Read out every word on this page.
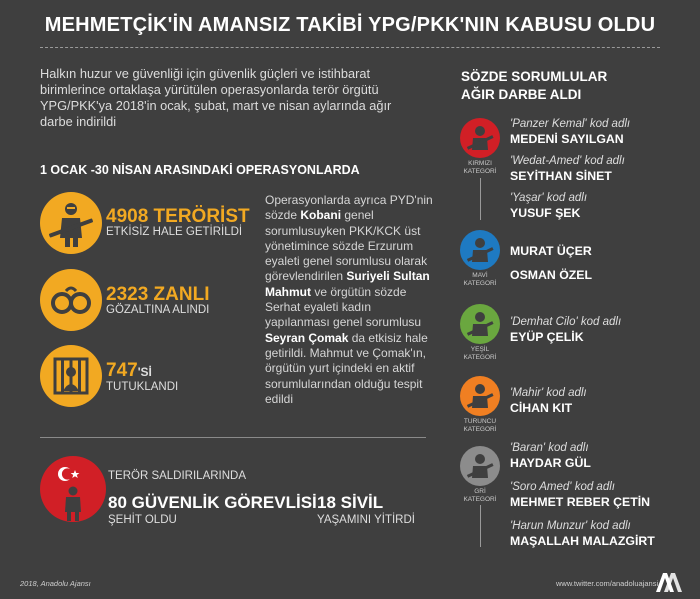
MEHMETÇİK'İN AMANSIZ TAKİBİ YPG/PKK'NIN KABUSU OLDU
Halkın huzur ve güvenliği için güvenlik güçleri ve istihbarat birimlerince ortaklaşa yürütülen operasyonlarda terör örgütü YPG/PKK'ya 2018'in ocak, şubat, mart ve nisan aylarında ağır darbe indirildi
1 OCAK -30 NİSAN ARASINDAKİ OPERASYONLARDA
4908 TERÖRİST
ETKİSİZ HALE GETİRİLDİ
2323 ZANLI
GÖZALTINA ALINDI
747'Sİ
TUTUKLANDI
Operasyonlarda ayrıca PYD'nin sözde Kobani genel sorumlusuyken PKK/KCK üst yönetimince sözde Erzurum eyaleti genel sorumlusu olarak görevlendirilen Suriyeli Sultan Mahmut ve örgütün sözde Serhat eyaleti kadın yapılanması genel sorumlusu Seyran Çomak da etkisiz hale getirildi. Mahmut ve Çomak'ın, örgütün yurt içindeki en aktif sorumlularından olduğu tespit edildi
TERÖR SALDIRILARINDA
80 GÜVENLİK GÖREVLİSİ
ŞEHİT OLDU
18 SİVİL
YAŞAMINI YİTİRDİ
SÖZDE SORUMLULAR
AĞIR DARBE ALDI
KIRMIZI
KATEGORİ
MAVİ
KATEGORİ
YEŞİL
KATEGORİ
TURUNCU
KATEGORİ
GRİ
KATEGORİ
'Panzer Kemal' kod adlı
MEDENİ SAYILGAN
'Wedat-Amed' kod adlı
SEYİTHAN SİNET
'Yaşar' kod adlı
YUSUF ŞEK
MURAT ÜÇER
OSMAN ÖZEL
'Demhat Cilo' kod adlı
EYÜP ÇELİK
'Mahir' kod adlı
CİHAN KIT
'Baran' kod adlı
HAYDAR GÜL
'Soro Amed' kod adlı
MEHMET REBER ÇETİN
'Harun Munzur' kod adlı
MAŞALLAH MALAZGİRT
2018, Anadolu Ajansı	www.twitter.com/anadoluajansi
